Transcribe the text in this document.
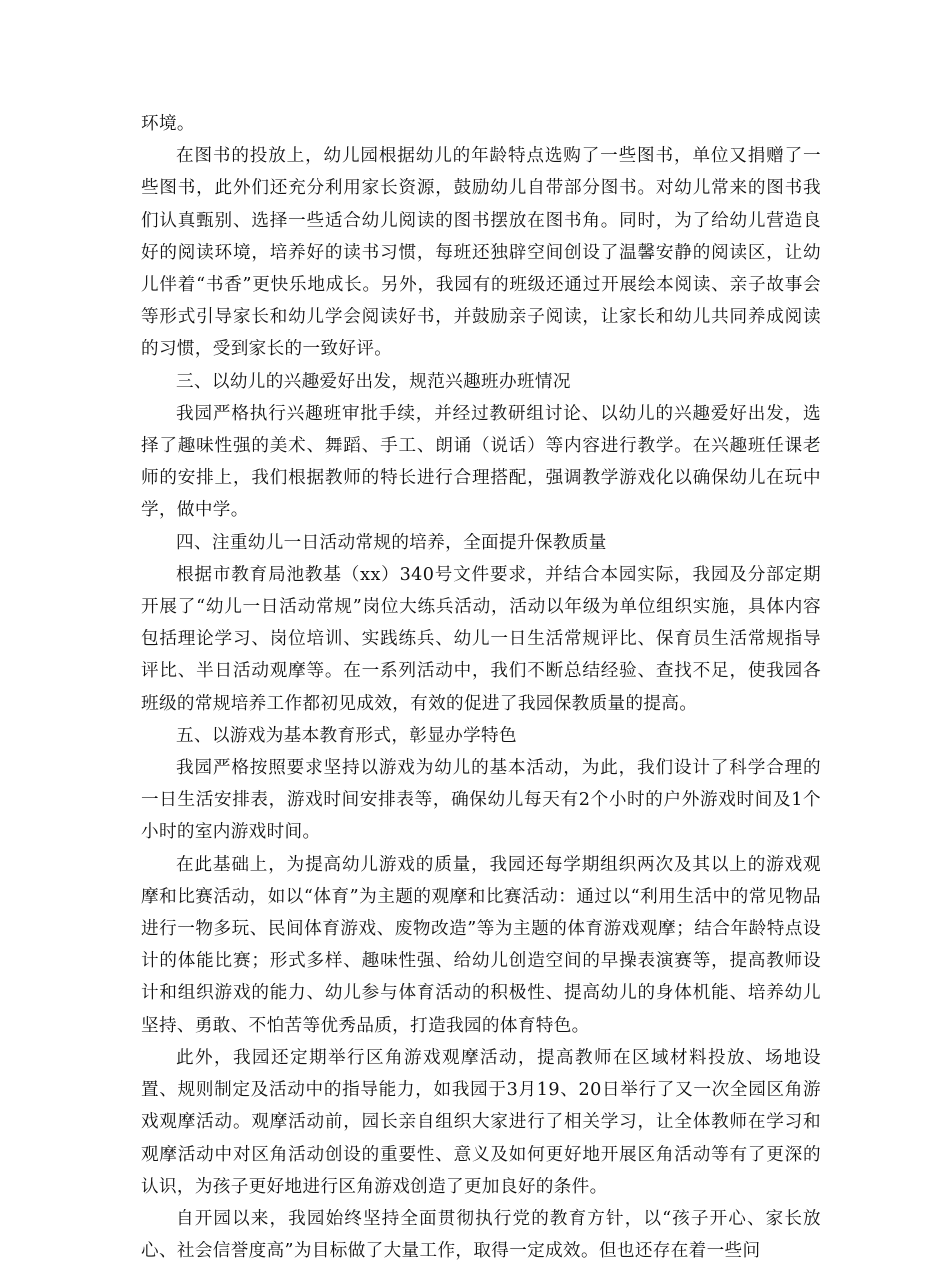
环境。

在图书的投放上，幼儿园根据幼儿的年龄特点选购了一些图书，单位又捐赠了一些图书，此外们还充分利用家长资源，鼓励幼儿自带部分图书。对幼儿常来的图书我们认真甄别、选择一些适合幼儿阅读的图书摆放在图书角。同时，为了给幼儿营造良好的阅读环境，培养好的读书习惯，每班还独辟空间创设了温馨安静的阅读区，让幼儿伴着“书香”更快乐地成长。另外，我园有的班级还通过开展绘本阅读、亲子故事会等形式引导家长和幼儿学会阅读好书，并鼓励亲子阅读，让家长和幼儿共同养成阅读的习惯，受到家长的一致好评。

三、以幼儿的兴趣爱好出发，规范兴趣班办班情况

我园严格执行兴趣班审批手续，并经过教研组讨论、以幼儿的兴趣爱好出发，选择了趣味性强的美术、舞蹈、手工、朗诵（说话）等内容进行教学。在兴趣班任课老师的安排上，我们根据教师的特长进行合理搭配，强调教学游戏化以确保幼儿在玩中学，做中学。

四、注重幼儿一日活动常规的培养，全面提升保教质量

根据市教育局池教基（xx）340号文件要求，并结合本园实际，我园及分部定期开展了“幼儿一日活动常规”岗位大练兵活动，活动以年级为单位组织实施，具体内容包括理论学习、岗位培训、实践练兵、幼儿一日生活常规评比、保育员生活常规指导评比、半日活动观摩等。在一系列活动中，我们不断总结经验、查找不足，使我园各班级的常规培养工作都初见成效，有效的促进了我园保教质量的提高。

五、以游戏为基本教育形式，彰显办学特色

我园严格按照要求坚持以游戏为幼儿的基本活动，为此，我们设计了科学合理的一日生活安排表，游戏时间安排表等，确保幼儿每天有2个小时的户外游戏时间及1个小时的室内游戏时间。

在此基础上，为提高幼儿游戏的质量，我园还每学期组织两次及其以上的游戏观摩和比赛活动，如以“体育”为主题的观摩和比赛活动：通过以“利用生活中的常见物品进行一物多玩、民间体育游戏、废物改造”等为主题的体育游戏观摩；结合年龄特点设计的体能比赛；形式多样、趣味性强、给幼儿创造空间的早操表演赛等，提高教师设计和组织游戏的能力、幼儿参与体育活动的积极性、提高幼儿的身体机能、培养幼儿坚持、勇敢、不怕苦等优秀品质，打造我园的体育特色。

此外，我园还定期举行区角游戏观摩活动，提高教师在区域材料投放、场地设置、规则制定及活动中的指导能力，如我园于3月19、20日举行了又一次全园区角游戏观摩活动。观摩活动前，园长亲自组织大家进行了相关学习，让全体教师在学习和观摩活动中对区角活动创设的重要性、意义及如何更好地开展区角活动等有了更深的认识，为孩子更好地进行区角游戏创造了更加良好的条件。

自开园以来，我园始终坚持全面贯彻执行党的教育方针，以“孩子开心、家长放心、社会信誉度高”为目标做了大量工作，取得一定成效。但也还存在着一些问
